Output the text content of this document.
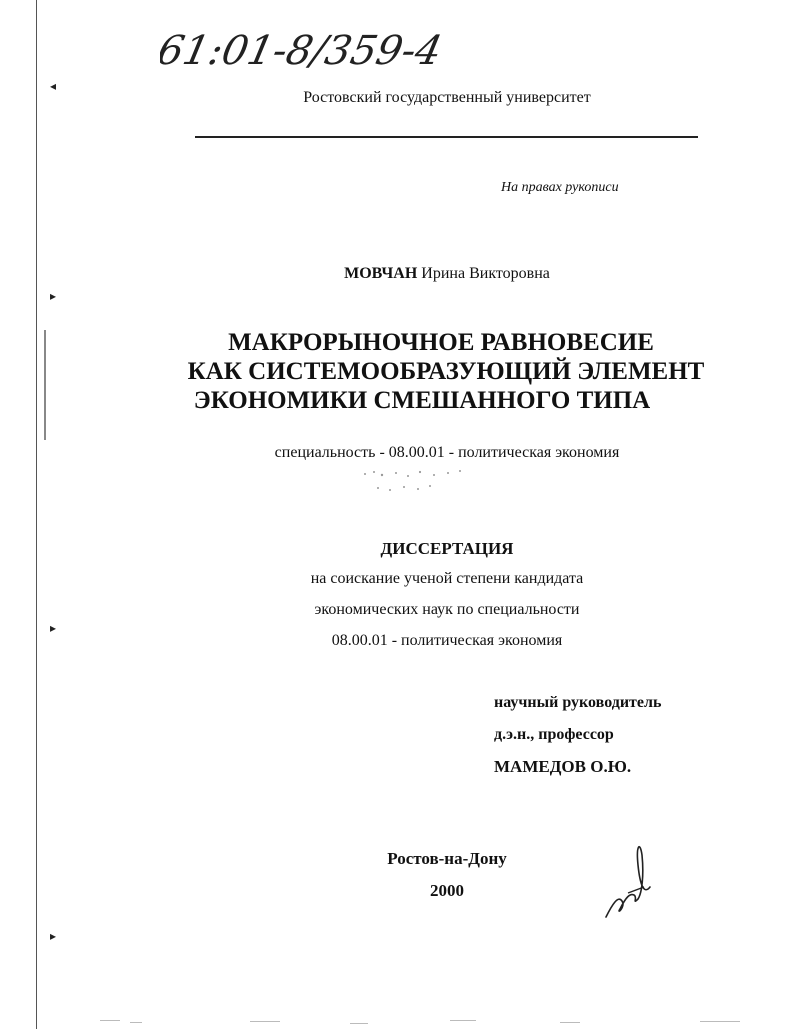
◂
▸
▸
▸
61:01-8/359-4
Ростовский государственный университет
На правах рукописи
МОВЧАН Ирина Викторовна
МАКРОРЫНОЧНОЕ РАВНОВЕСИЕ
КАК СИСТЕМООБРАЗУЮЩИЙ ЭЛЕМЕНТ
ЭКОНОМИКИ СМЕШАННОГО ТИПА
специальность - 08.00.01 - политическая экономия
ДИССЕРТАЦИЯ
на соискание ученой степени кандидата
экономических наук по специальности
08.00.01 - политическая экономия
научный руководитель
д.э.н., профессор
МАМЕДОВ О.Ю.
Ростов-на-Дону
2000
